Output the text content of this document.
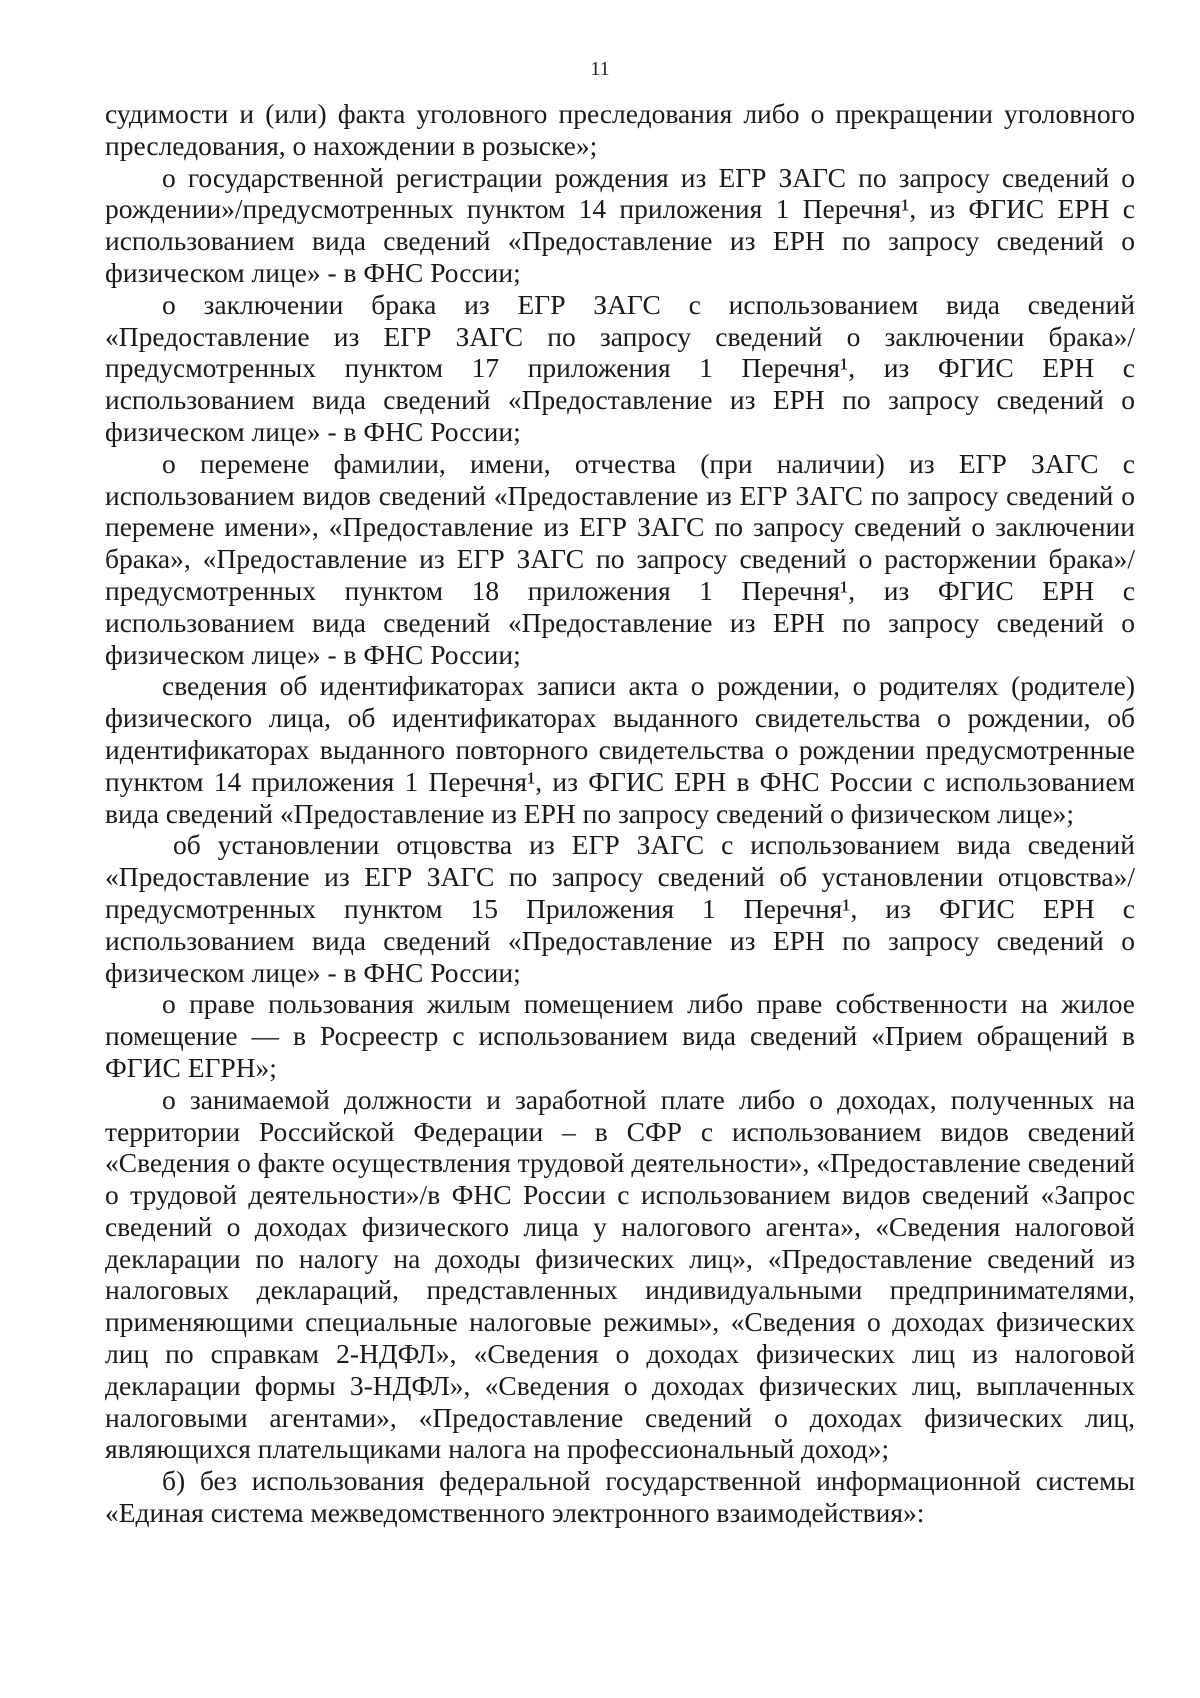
11

судимости и (или) факта уголовного преследования либо о прекращении уголовного преследования, о нахождении в розыске»;

о государственной регистрации рождения из ЕГР ЗАГС по запросу сведений о рождении»/предусмотренных пунктом 14 приложения 1 Перечня¹, из ФГИС ЕРН с использованием вида сведений «Предоставление из ЕРН по запросу сведений о физическом лице» - в ФНС России;

о заключении брака из ЕГР ЗАГС с использованием вида сведений «Предоставление из ЕГР ЗАГС по запросу сведений о заключении брака»/предусмотренных пунктом 17 приложения 1 Перечня¹, из ФГИС ЕРН с использованием вида сведений «Предоставление из ЕРН по запросу сведений о физическом лице» - в ФНС России;

о перемене фамилии, имени, отчества (при наличии) из ЕГР ЗАГС с использованием видов сведений «Предоставление из ЕГР ЗАГС по запросу сведений о перемене имени», «Предоставление из ЕГР ЗАГС по запросу сведений о заключении брака», «Предоставление из ЕГР ЗАГС по запросу сведений о расторжении брака»/предусмотренных пунктом 18 приложения 1 Перечня¹, из ФГИС ЕРН с использованием вида сведений «Предоставление из ЕРН по запросу сведений о физическом лице» - в ФНС России;

сведения об идентификаторах записи акта о рождении, о родителях (родителе) физического лица, об идентификаторах выданного свидетельства о рождении, об идентификаторах выданного повторного свидетельства о рождении предусмотренные пунктом 14 приложения 1 Перечня¹, из ФГИС ЕРН в ФНС России с использованием вида сведений «Предоставление из ЕРН по запросу сведений о физическом лице»;

об установлении отцовства из ЕГР ЗАГС с использованием вида сведений «Предоставление из ЕГР ЗАГС по запросу сведений об установлении отцовства»/предусмотренных пунктом 15 Приложения 1 Перечня¹, из ФГИС ЕРН с использованием вида сведений «Предоставление из ЕРН по запросу сведений о физическом лице» - в ФНС России;

о праве пользования жилым помещением либо праве собственности на жилое помещение — в Росреестр с использованием вида сведений «Прием обращений в ФГИС ЕГРН»;

о занимаемой должности и заработной плате либо о доходах, полученных на территории Российской Федерации – в СФР с использованием видов сведений «Сведения о факте осуществления трудовой деятельности», «Предоставление сведений о трудовой деятельности»/в ФНС России с использованием видов сведений «Запрос сведений о доходах физического лица у налогового агента», «Сведения налоговой декларации по налогу на доходы физических лиц», «Предоставление сведений из налоговых деклараций, представленных индивидуальными предпринимателями, применяющими специальные налоговые режимы», «Сведения о доходах физических лиц по справкам 2-НДФЛ», «Сведения о доходах физических лиц из налоговой декларации формы 3-НДФЛ», «Сведения о доходах физических лиц, выплаченных налоговыми агентами», «Предоставление сведений о доходах физических лиц, являющихся плательщиками налога на профессиональный доход»;

б) без использования федеральной государственной информационной системы «Единая система межведомственного электронного взаимодействия»:
